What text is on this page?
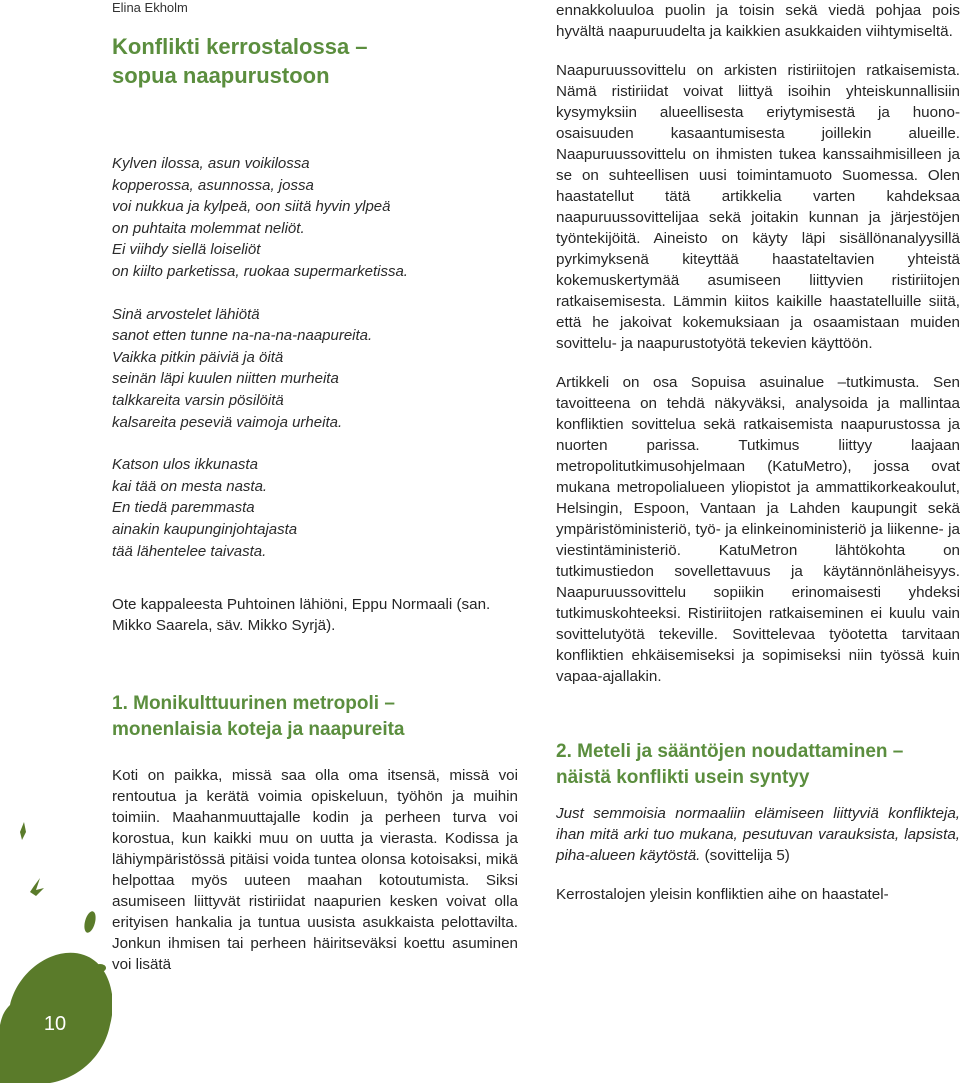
Elina Ekholm
Konflikti kerrostalossa –
sopua naapurustoon
Kylven ilossa, asun voikilossa
kopperossa, asunnossa, jossa
voi nukkua ja kylpeä, oon siitä hyvin ylpeä
on puhtaita molemmat neliöt.
Ei viihdy siellä loiseliöt
on kiilto parketissa, ruokaa supermarketissa.
Sinä arvostelet lähiötä
sanot etten tunne na-na-na-naapureita.
Vaikka pitkin päiviä ja öitä
seinän läpi kuulen niitten murheita
talkkareita varsin pösilöitä
kalsareita peseviä vaimoja urheita.
Katson ulos ikkunasta
kai tää on mesta nasta.
En tiedä paremmasta
ainakin kaupunginjohtajasta
tää lähentelee taivasta.

Ote kappaleesta Puhtoinen lähiöni, Eppu Normaali (san. Mikko Saarela, säv. Mikko Syrjä).

1. Monikulttuurinen metropoli –
monenlaisia koteja ja naapureita

Koti on paikka, missä saa olla oma itsensä, missä voi rentoutua ja kerätä voimia opiskeluun, työhön ja muihin toimiin. Maahanmuuttajalle kodin ja perheen turva voi korostua, kun kaikki muu on uutta ja vierasta. Kodissa ja lähiympäristössä pitäisi voida tuntea olonsa kotoisaksi, mikä helpottaa myös uuteen maahan kotoutumista. Siksi asumiseen liittyvät ristiriidat naapurien kesken voivat olla erityisen hankalia ja tuntua uusista asukkaista pelottavilta. Jonkun ihmisen tai perheen häiritseväksi koettu asuminen voi lisätä

ennakkoluuloa puolin ja toisin sekä viedä pohjaa pois hyvältä naapuruudelta ja kaikkien asukkaiden viihtymiseltä.

Naapuruussovittelu on arkisten ristiriitojen ratkaisemista. Nämä ristiriidat voivat liittyä isoihin yhteiskunnallisiin kysymyksiin alueellisesta eriytymisestä ja huono-osaisuuden kasaantumisesta joillekin alueille. Naapuruussovittelu on ihmisten tukea kanssaihmisilleen ja se on suhteellisen uusi toimintamuoto Suomessa. Olen haastatellut tätä artikkelia varten kahdeksaa naapuruussovittelijaa sekä joitakin kunnan ja järjestöjen työntekijöitä. Aineisto on käyty läpi sisällönanalyysillä pyrkimyksenä kiteyttää haastateltavien yhteistä kokemuskertymää asumiseen liittyvien ristiriitojen ratkaisemisesta. Lämmin kiitos kaikille haastatelluille siitä, että he jakoivat kokemuksiaan ja osaamistaan muiden sovittelu- ja naapurustotyötä tekevien käyttöön.

Artikkeli on osa Sopuisa asuinalue –tutkimusta. Sen tavoitteena on tehdä näkyväksi, analysoida ja mallintaa konfliktien sovittelua sekä ratkaisemista naapurustossa ja nuorten parissa. Tutkimus liittyy laajaan metropolitutkimusohjelmaan (KatuMetro), jossa ovat mukana metropolialueen yliopistot ja ammattikorkeakoulut, Helsingin, Espoon, Vantaan ja Lahden kaupungit sekä ympäristöministeriö, työ- ja elinkeinoministeriö ja liikenne- ja viestintäministeriö. KatuMetron lähtökohta on tutkimustiedon sovellettavuus ja käytännönläheisyys. Naapuruussovittelu sopiikin erinomaisesti yhdeksi tutkimuskohteeksi. Ristiriitojen ratkaiseminen ei kuulu vain sovittelutyötä tekeville. Sovittelevaa työotetta tarvitaan konfliktien ehkäisemiseksi ja sopimiseksi niin työssä kuin vapaa-ajallakin.

2. Meteli ja sääntöjen noudattaminen –
näistä konflikti usein syntyy

Just semmoisia normaaliin elämiseen liittyviä konflikteja, ihan mitä arki tuo mukana, pesutuvan varauksista, lapsista, piha-alueen käytöstä. (sovittelija 5)

Kerrostalojen yleisin konfliktien aihe on haastatel-

10
